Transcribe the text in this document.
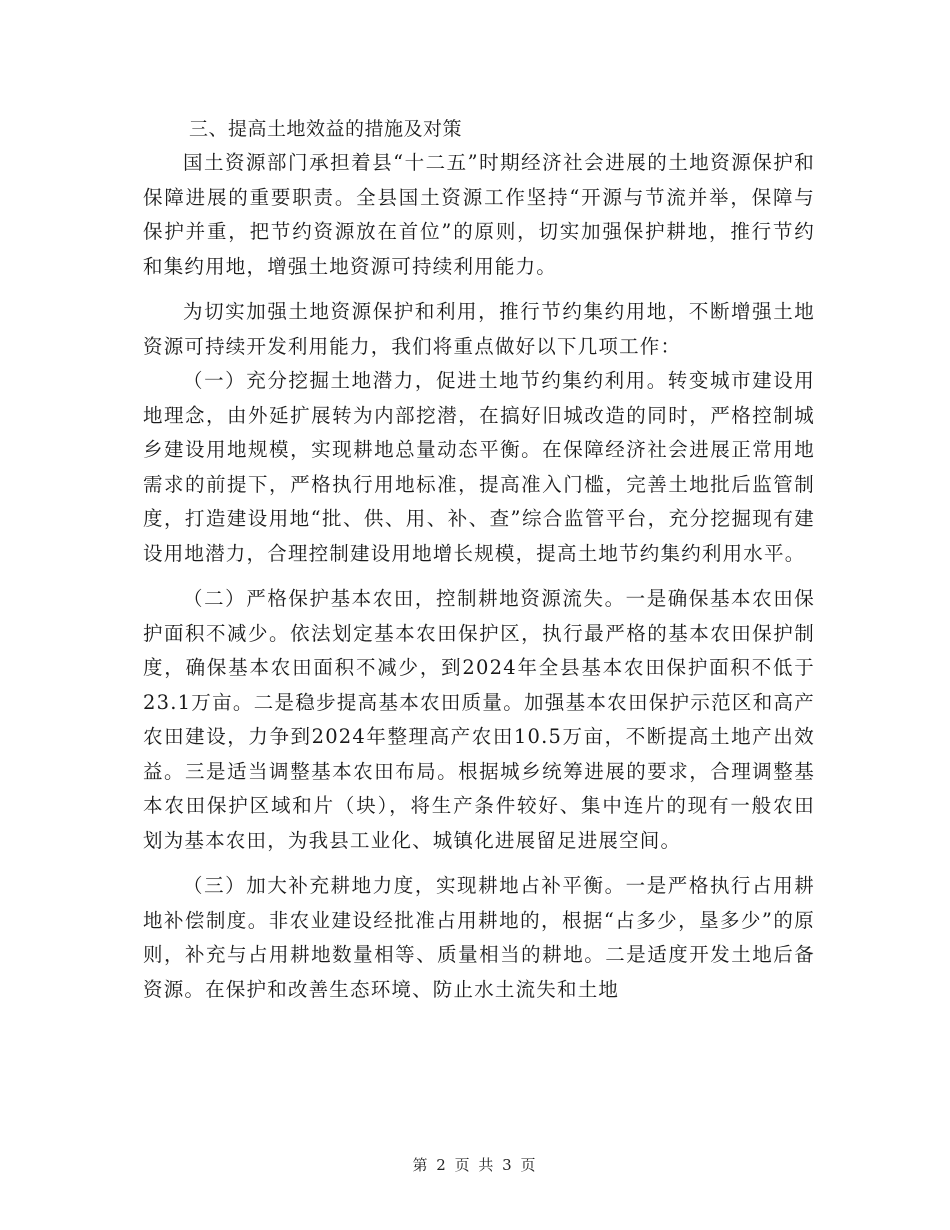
三、提高土地效益的措施及对策

国土资源部门承担着县“十二五”时期经济社会进展的土地资源保护和保障进展的重要职责。全县国土资源工作坚持“开源与节流并举，保障与保护并重，把节约资源放在首位”的原则，切实加强保护耕地，推行节约和集约用地，增强土地资源可持续利用能力。

为切实加强土地资源保护和利用，推行节约集约用地，不断增强土地资源可持续开发利用能力，我们将重点做好以下几项工作：

（一）充分挖掘土地潜力，促进土地节约集约利用。转变城市建设用地理念，由外延扩展转为内部挖潜，在搞好旧城改造的同时，严格控制城乡建设用地规模，实现耕地总量动态平衡。在保障经济社会进展正常用地需求的前提下，严格执行用地标准，提高准入门槛，完善土地批后监管制度，打造建设用地“批、供、用、补、查”综合监管平台，充分挖掘现有建设用地潜力，合理控制建设用地增长规模，提高土地节约集约利用水平。

（二）严格保护基本农田，控制耕地资源流失。一是确保基本农田保护面积不减少。依法划定基本农田保护区，执行最严格的基本农田保护制度，确保基本农田面积不减少，到2024年全县基本农田保护面积不低于23.1万亩。二是稳步提高基本农田质量。加强基本农田保护示范区和高产农田建设，力争到2024年整理高产农田10.5万亩，不断提高土地产出效益。三是适当调整基本农田布局。根据城乡统筹进展的要求，合理调整基本农田保护区域和片（块），将生产条件较好、集中连片的现有一般农田划为基本农田，为我县工业化、城镇化进展留足进展空间。

（三）加大补充耕地力度，实现耕地占补平衡。一是严格执行占用耕地补偿制度。非农业建设经批准占用耕地的，根据“占多少，垦多少”的原则，补充与占用耕地数量相等、质量相当的耕地。二是适度开发土地后备资源。在保护和改善生态环境、防止水土流失和土地

第 2 页 共 3 页
